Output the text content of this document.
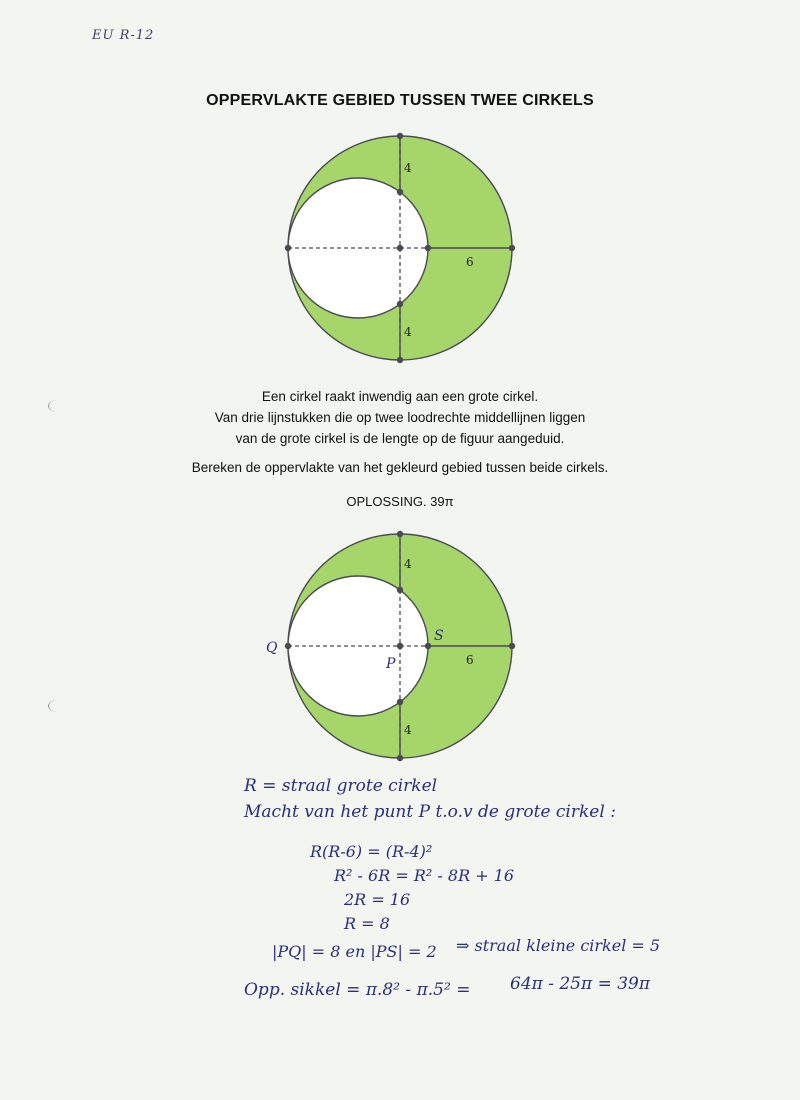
EU R-12
OPPERVLAKTE GEBIED TUSSEN TWEE CIRKELS
4
4
6
Een cirkel raakt inwendig aan een grote cirkel.
Van drie lijnstukken die op twee loodrechte middellijnen liggen
van de grote cirkel is de lengte op de figuur aangeduid.
Bereken de oppervlakte van het gekleurd gebied tussen beide cirkels.
OPLOSSING. 39π
4
4
6
Q
P
S
R = straal grote cirkel
Macht van het punt P t.o.v de grote cirkel :
R(R-6) = (R-4)²
R² - 6R = R² - 8R + 16
2R = 16
R = 8
|PQ| = 8 en |PS| = 2 ⇒ straal kleine cirkel = 5
Opp. sikkel = π.8² - π.5² = 64π - 25π = 39π
